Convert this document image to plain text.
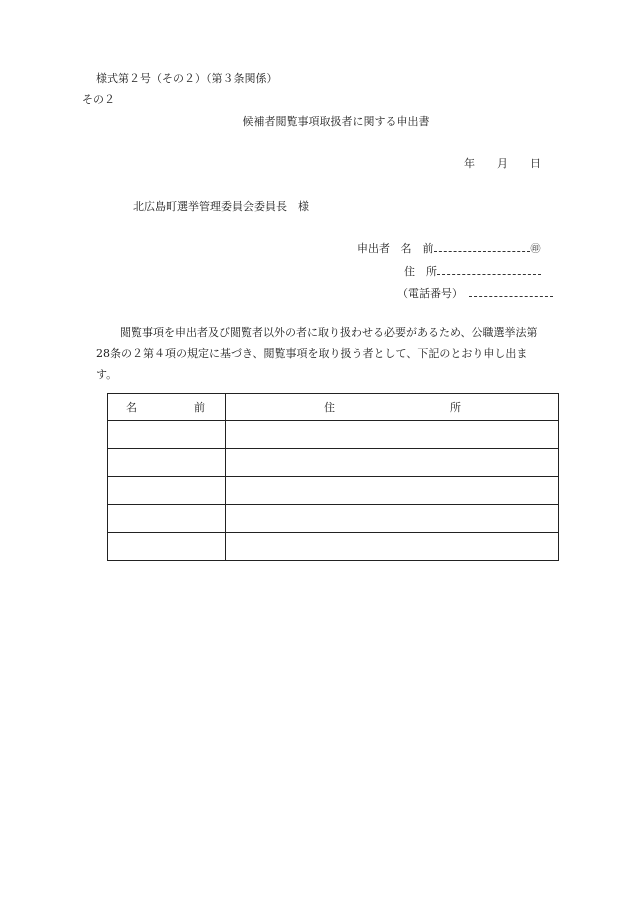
様式第２号（その２）（第３条関係）
その２
候補者閲覧事項取扱者に関する申出書
年 月 日
北広島町選挙管理委員会委員長　様
申出者 名　前	㊞
住　所
（電話番号）

閲覧事項を申出者及び閲覧者以外の者に取り扱わせる必要があるため、公職選挙法第

28条の２第４項の規定に基づき、閲覧事項を取り扱う者として、下記のとおり申し出ま

す。

名 前	住 所
